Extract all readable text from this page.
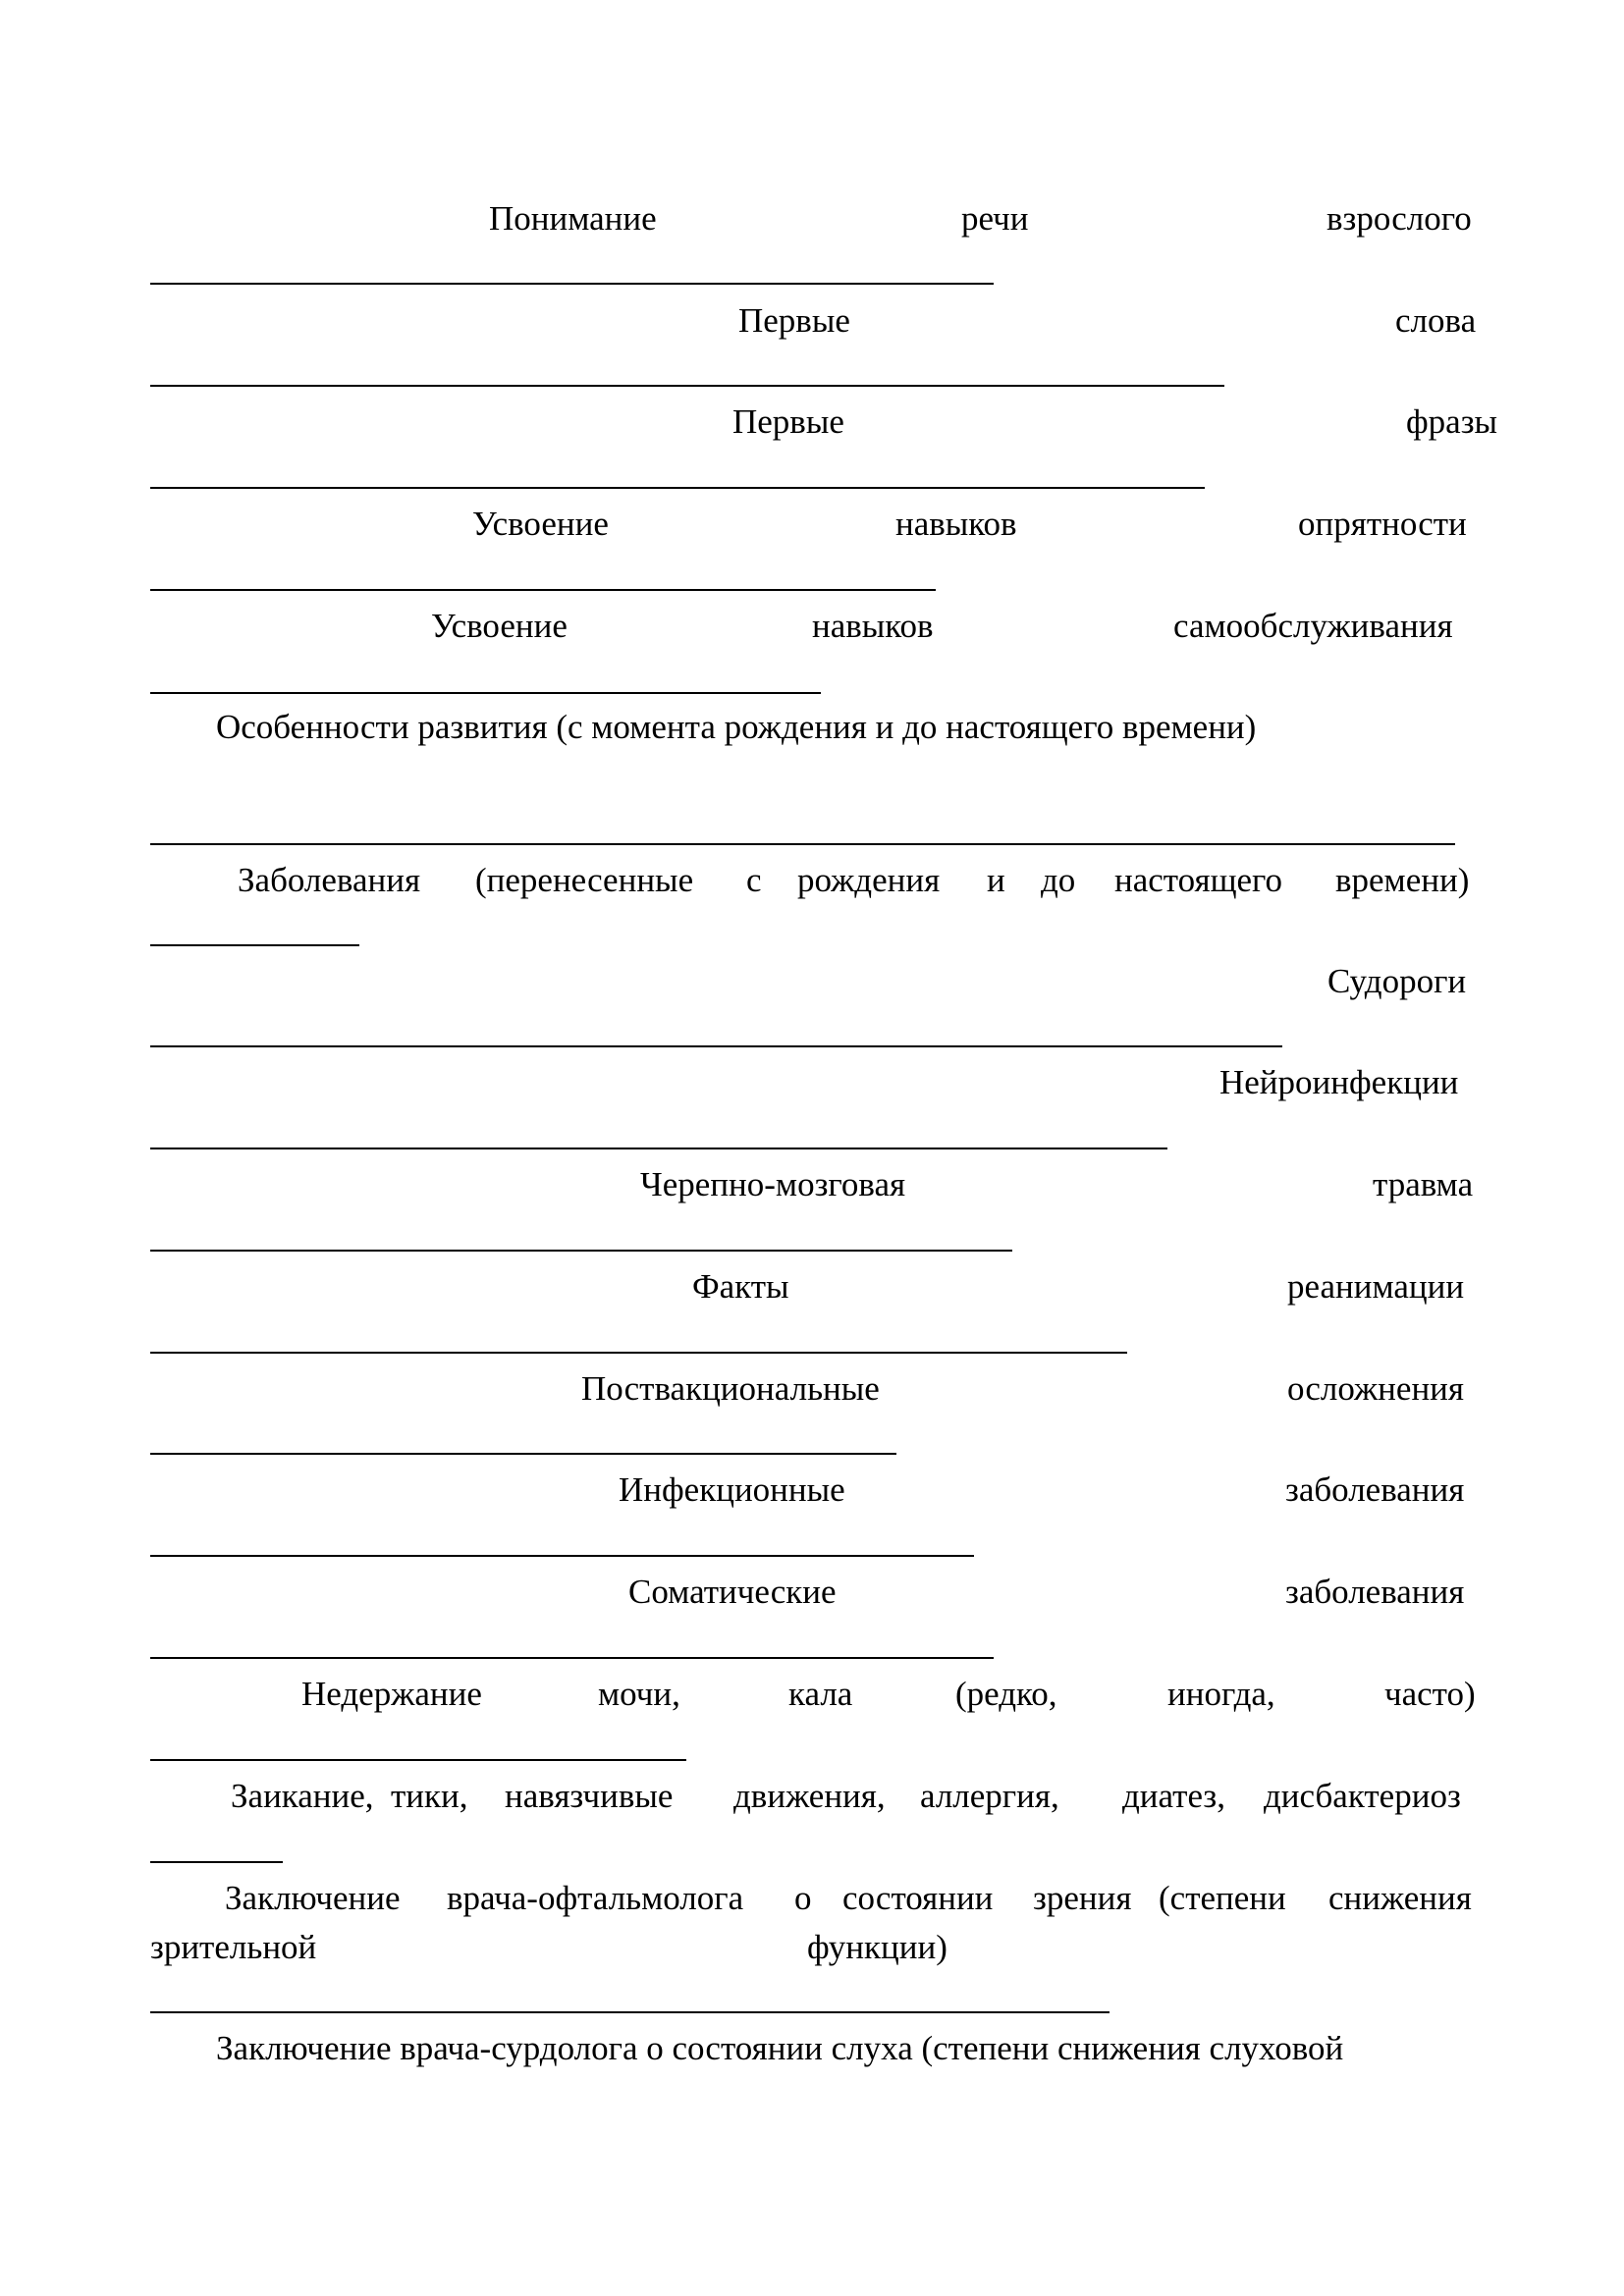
Понимание	речи	взрослого
Первые	слова
Первые	фразы
Усвоение	навыков	опрятности
Усвоение	навыков	самообслуживания
Особенности развития (с момента рождения и до настоящего времени)
Заболевания (перенесенные с рождения и до настоящего времени)
Судороги
Нейроинфекции
Черепно-мозговая	травма
Факты	реанимации
Поствакциональные	осложнения
Инфекционные	заболевания
Соматические	заболевания
Недержание	мочи,	кала	(редко,	иногда,	часто)
Заикание, тики, навязчивые движения, аллергия, диатез, дисбактериоз
Заключение врача-офтальмолога о состоянии зрения (степени снижения
зрительной	функции)
Заключение врача-сурдолога о состоянии слуха (степени снижения слуховой
